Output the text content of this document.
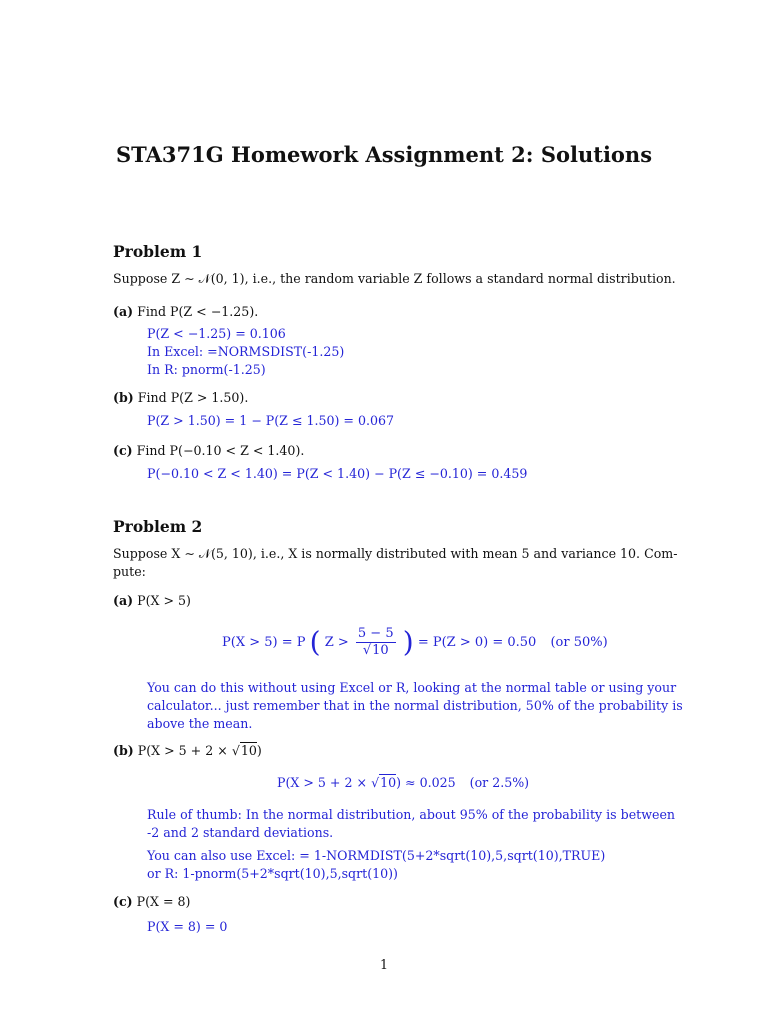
STA371G Homework Assignment 2: Solutions
Problem 1
Suppose Z ∼ 𝒩(0, 1), i.e., the random variable Z follows a standard normal distribution.
(a) Find P(Z < −1.25).
P(Z < −1.25) = 0.106
In Excel: =NORMSDIST(-1.25)
In R: pnorm(-1.25)
(b) Find P(Z > 1.50).
P(Z > 1.50) = 1 − P(Z ≤ 1.50) = 0.067
(c) Find P(−0.10 < Z < 1.40).
P(−0.10 < Z < 1.40) = P(Z < 1.40) − P(Z ≤ −0.10) = 0.459
Problem 2
Suppose X ∼ 𝒩(5, 10), i.e., X is normally distributed with mean 5 and variance 10. Com-
pute:
(a) P(X > 5)
P(X > 5) = P ( $Z > \frac{5 - 5}{√10}$ ) = P(Z > 0) = 0.50 (or 50%)
You can do this without using Excel or R, looking at the normal table or using your
calculator... just remember that in the normal distribution, 50% of the probability is
above the mean.
(b) P(X > 5 + 2 × √10)
P(X > 5 + 2 × √10) ≈ 0.025 (or 2.5%)
Rule of thumb: In the normal distribution, about 95% of the probability is between
-2 and 2 standard deviations.
You can also use Excel: = 1-NORMDIST(5+2*sqrt(10),5,sqrt(10),TRUE)
or R: 1-pnorm(5+2*sqrt(10),5,sqrt(10))
(c) P(X = 8)
P(X = 8) = 0
1
